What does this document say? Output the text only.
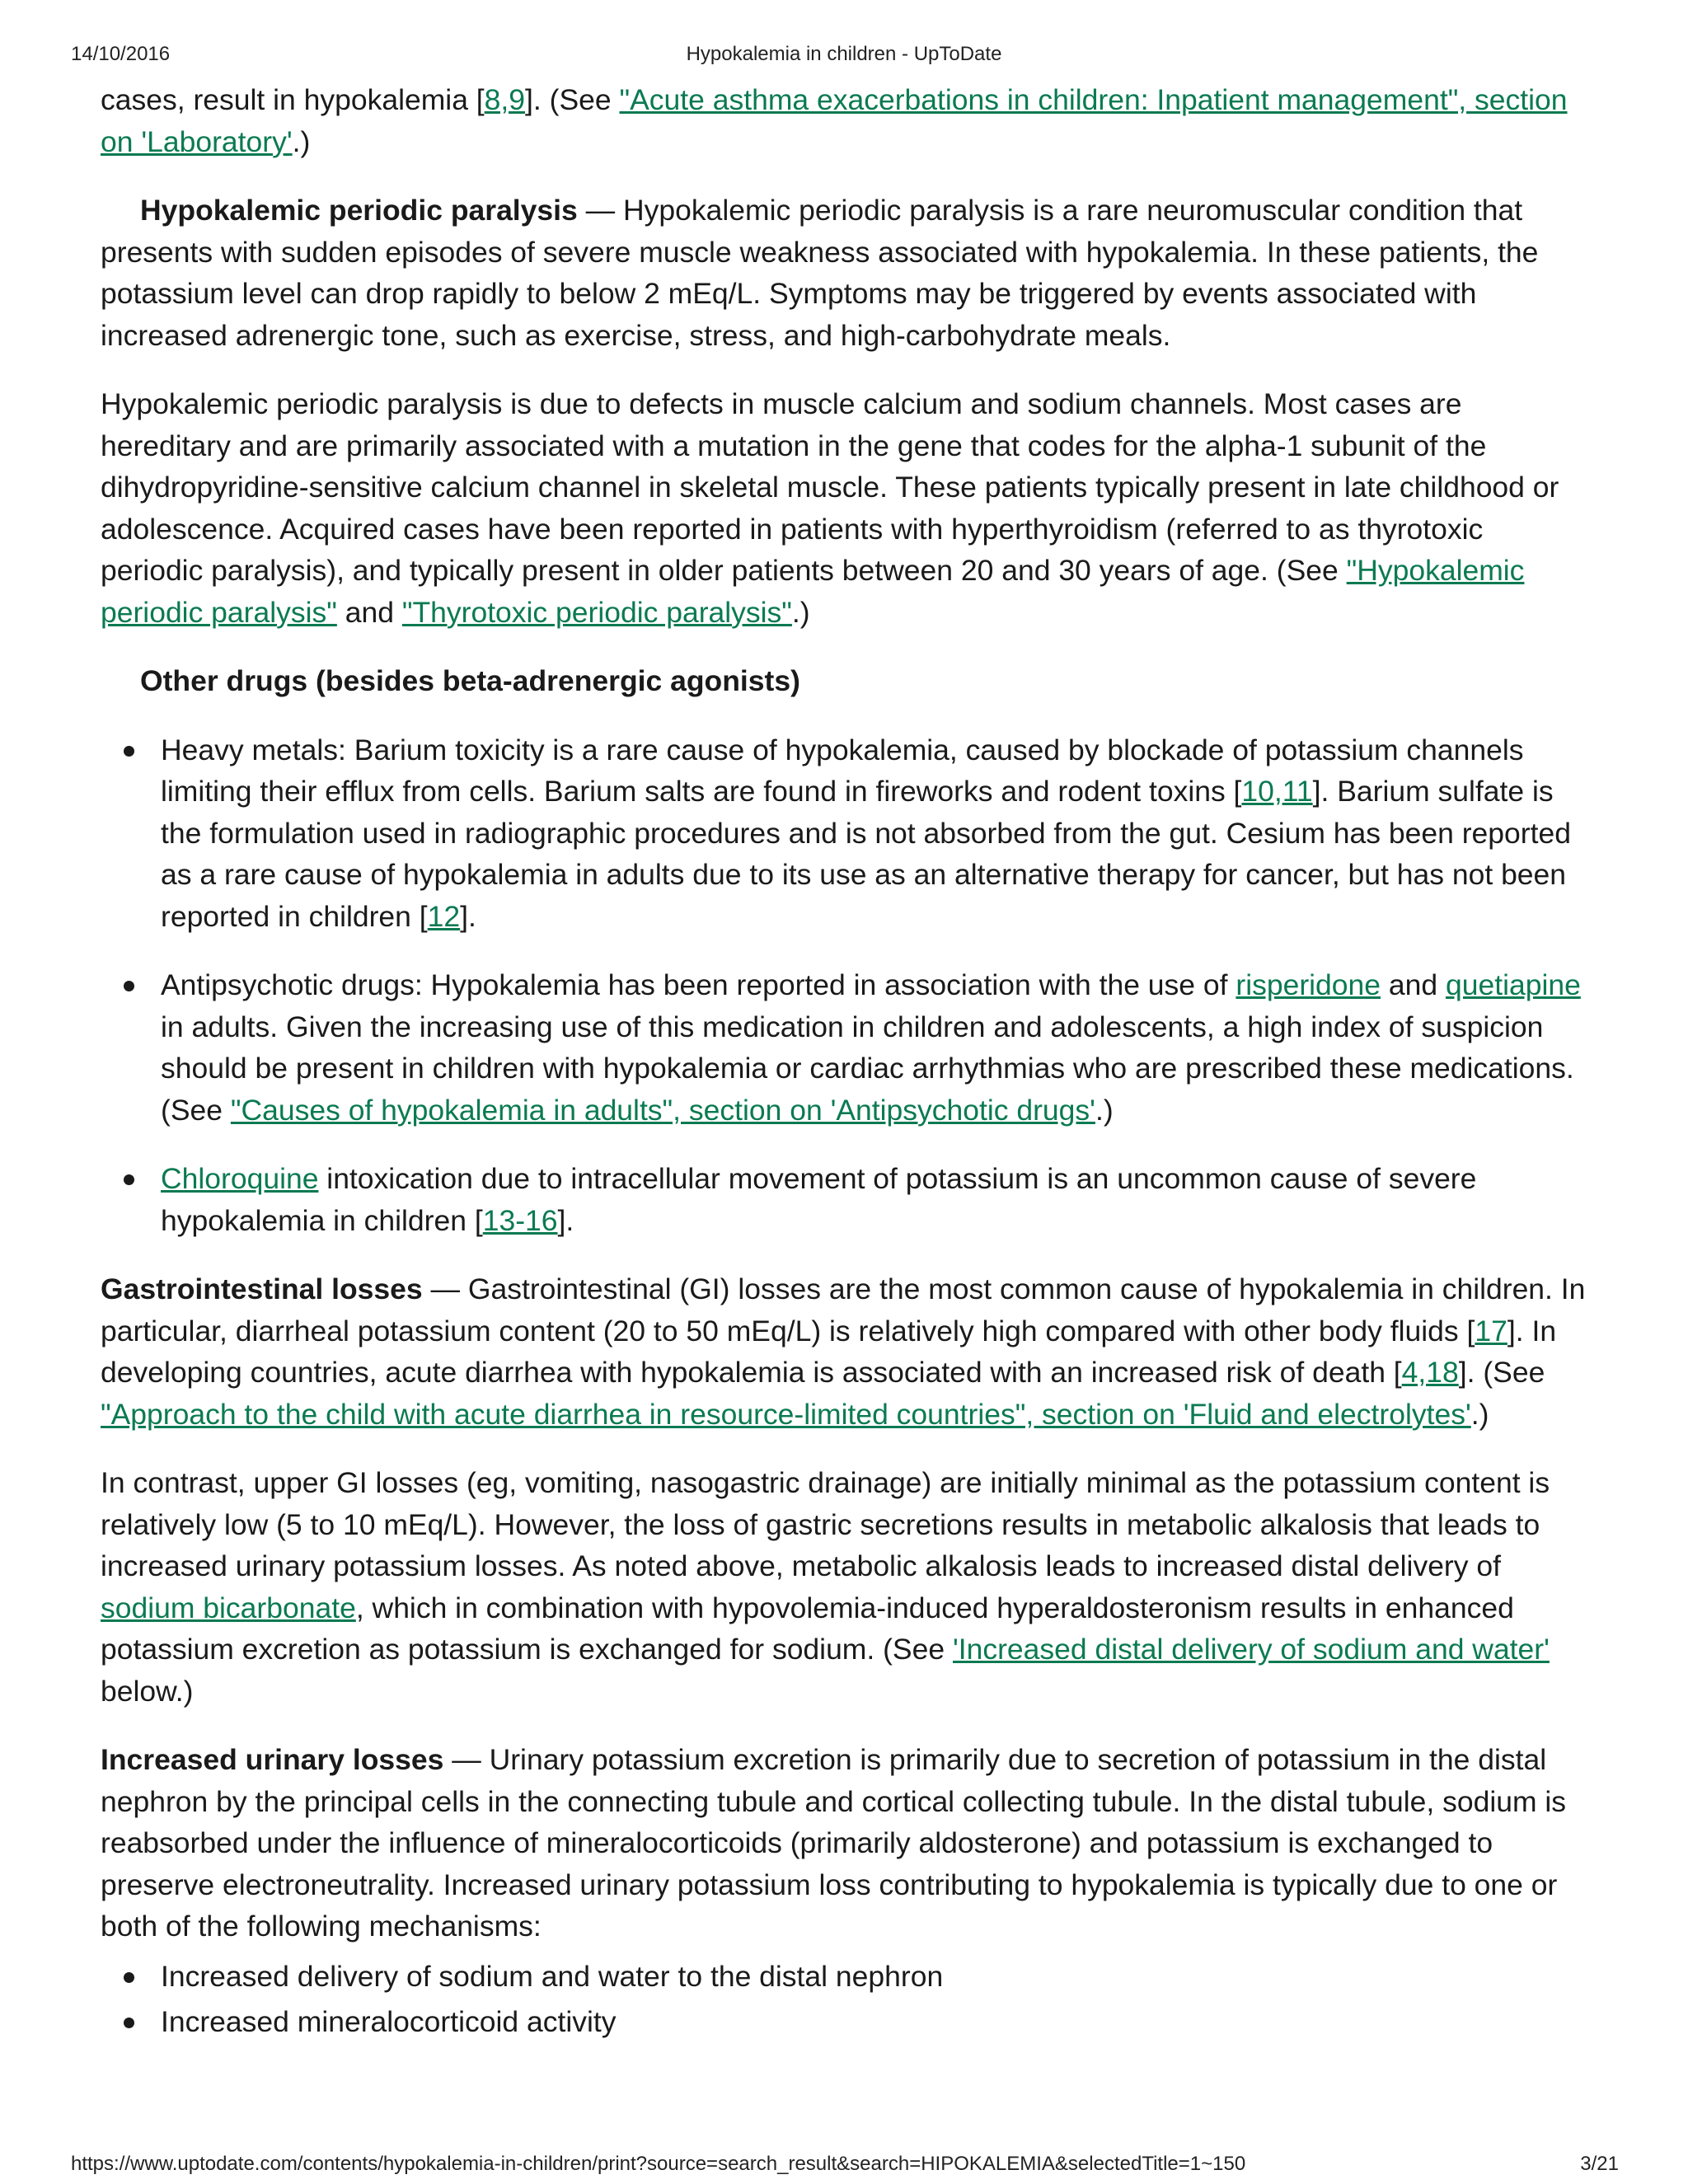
14/10/2016	Hypokalemia in children - UpToDate

cases, result in hypokalemia [8,9]. (See "Acute asthma exacerbations in children: Inpatient management", section on 'Laboratory'.)

Hypokalemic periodic paralysis — Hypokalemic periodic paralysis is a rare neuromuscular condition that presents with sudden episodes of severe muscle weakness associated with hypokalemia. In these patients, the potassium level can drop rapidly to below 2 mEq/L. Symptoms may be triggered by events associated with increased adrenergic tone, such as exercise, stress, and high-carbohydrate meals.

Hypokalemic periodic paralysis is due to defects in muscle calcium and sodium channels. Most cases are hereditary and are primarily associated with a mutation in the gene that codes for the alpha-1 subunit of the dihydropyridine-sensitive calcium channel in skeletal muscle. These patients typically present in late childhood or adolescence. Acquired cases have been reported in patients with hyperthyroidism (referred to as thyrotoxic periodic paralysis), and typically present in older patients between 20 and 30 years of age. (See "Hypokalemic periodic paralysis" and "Thyrotoxic periodic paralysis".)

Other drugs (besides beta-adrenergic agonists)

Heavy metals: Barium toxicity is a rare cause of hypokalemia, caused by blockade of potassium channels limiting their efflux from cells. Barium salts are found in fireworks and rodent toxins [10,11]. Barium sulfate is the formulation used in radiographic procedures and is not absorbed from the gut. Cesium has been reported as a rare cause of hypokalemia in adults due to its use as an alternative therapy for cancer, but has not been reported in children [12].
Antipsychotic drugs: Hypokalemia has been reported in association with the use of risperidone and quetiapine in adults. Given the increasing use of this medication in children and adolescents, a high index of suspicion should be present in children with hypokalemia or cardiac arrhythmias who are prescribed these medications. (See "Causes of hypokalemia in adults", section on 'Antipsychotic drugs'.)
Chloroquine intoxication due to intracellular movement of potassium is an uncommon cause of severe hypokalemia in children [13-16].

Gastrointestinal losses — Gastrointestinal (GI) losses are the most common cause of hypokalemia in children. In particular, diarrheal potassium content (20 to 50 mEq/L) is relatively high compared with other body fluids [17]. In developing countries, acute diarrhea with hypokalemia is associated with an increased risk of death [4,18]. (See "Approach to the child with acute diarrhea in resource-limited countries", section on 'Fluid and electrolytes'.)

In contrast, upper GI losses (eg, vomiting, nasogastric drainage) are initially minimal as the potassium content is relatively low (5 to 10 mEq/L). However, the loss of gastric secretions results in metabolic alkalosis that leads to increased urinary potassium losses. As noted above, metabolic alkalosis leads to increased distal delivery of sodium bicarbonate, which in combination with hypovolemia-induced hyperaldosteronism results in enhanced potassium excretion as potassium is exchanged for sodium. (See 'Increased distal delivery of sodium and water' below.)

Increased urinary losses — Urinary potassium excretion is primarily due to secretion of potassium in the distal nephron by the principal cells in the connecting tubule and cortical collecting tubule. In the distal tubule, sodium is reabsorbed under the influence of mineralocorticoids (primarily aldosterone) and potassium is exchanged to preserve electroneutrality. Increased urinary potassium loss contributing to hypokalemia is typically due to one or both of the following mechanisms:

Increased delivery of sodium and water to the distal nephron
Increased mineralocorticoid activity
https://www.uptodate.com/contents/hypokalemia-in-children/print?source=search_result&search=HIPOKALEMIA&selectedTitle=1~150	3/21
